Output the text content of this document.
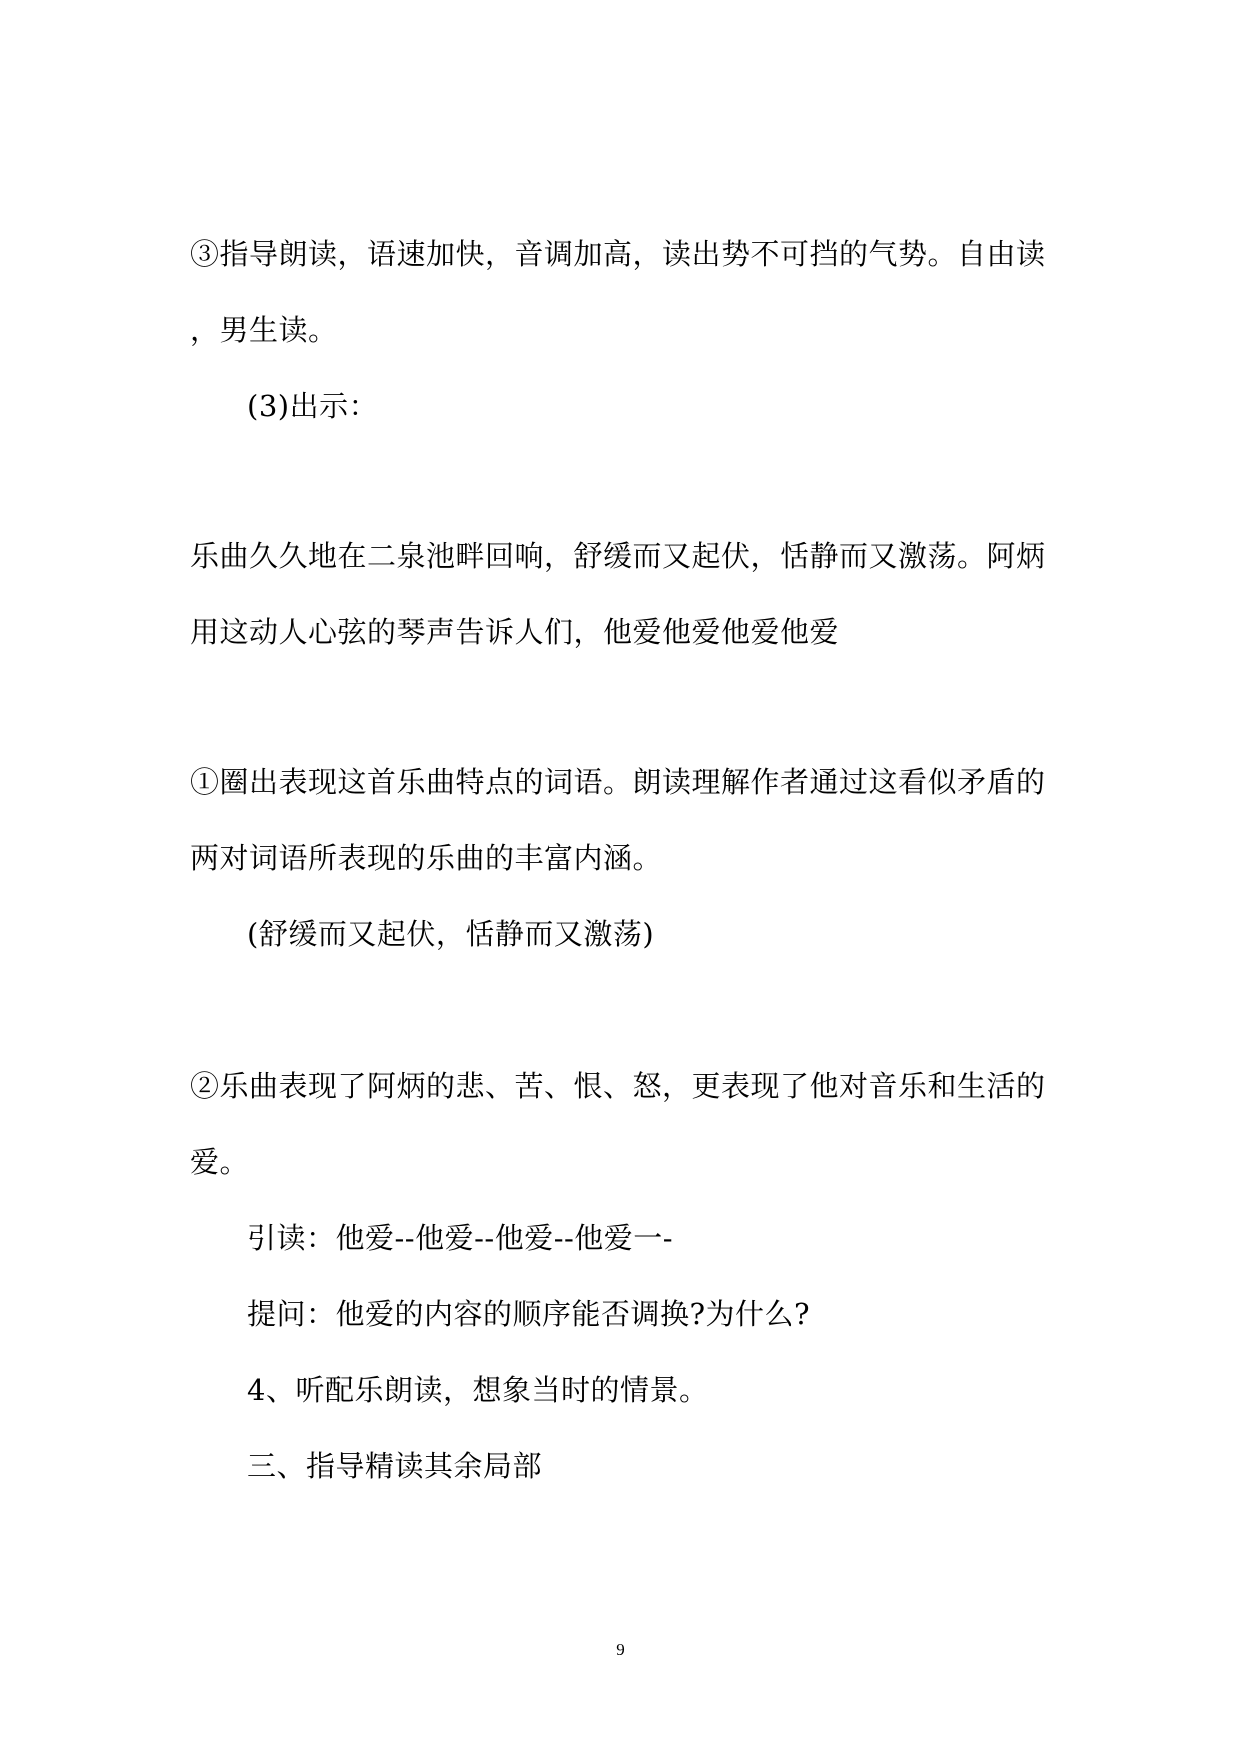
③指导朗读，语速加快，音调加高，读出势不可挡的气势。自由读
，男生读。
(3)出示：
乐曲久久地在二泉池畔回响，舒缓而又起伏，恬静而又激荡。阿炳
用这动人心弦的琴声告诉人们，他爱他爱他爱他爱
①圈出表现这首乐曲特点的词语。朗读理解作者通过这看似矛盾的
两对词语所表现的乐曲的丰富内涵。
(舒缓而又起伏，恬静而又激荡)
②乐曲表现了阿炳的悲、苦、恨、怒，更表现了他对音乐和生活的
爱。
引读：他爱--他爱--他爱--他爱一-
提问：他爱的内容的顺序能否调换?为什么?
4、听配乐朗读，想象当时的情景。
三、指导精读其余局部
9
